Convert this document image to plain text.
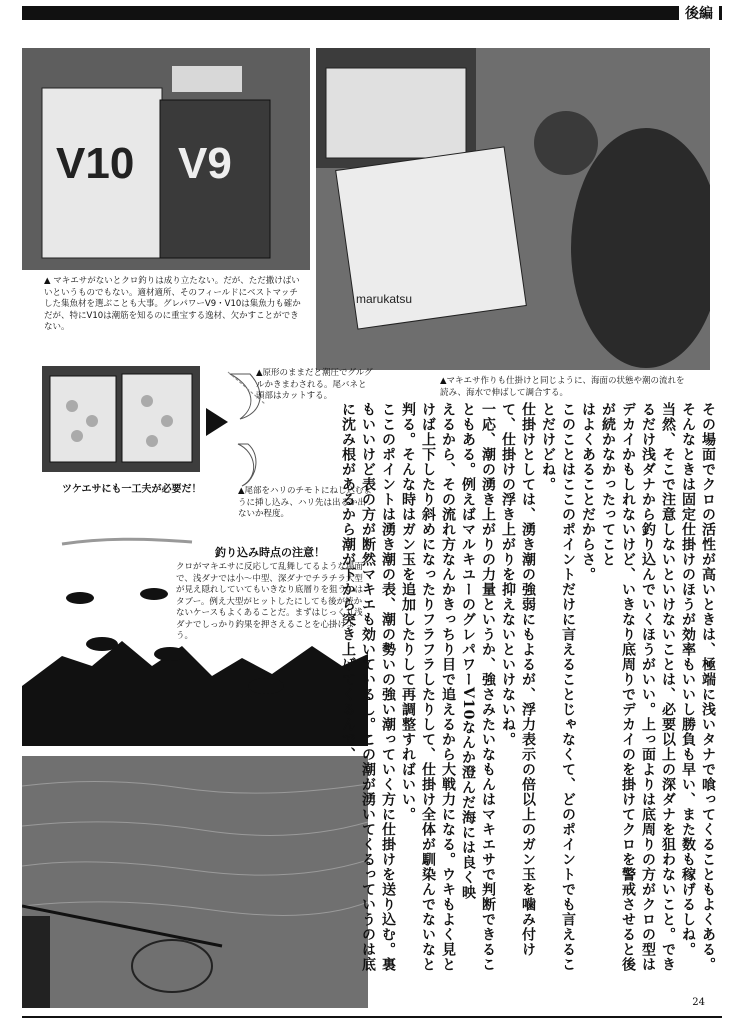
後編
V10 V9
▲ マキエサがないとクロ釣りは成り立たない。だが、ただ撒けばいいというものでもない。適材適所、そのフィールドにベストマッチした集魚材を選ぶことも大事。グレパワーV9・V10は集魚力も確かだが、特にV10は潮筋を知るのに重宝する逸材、欠かすことができない。
marukatsu
▲マキエサ作りも仕掛けと同じように、海面の状態や潮の流れを読み、海水で伸ばして調合する。
▲原形のままだと潮圧でグルグルかきまわされる。尾バネと頭部はカットする。
▲尾部をハリのチモトにねじ込むように挿し込み、ハリ先は出るか出ないか程度。
ツケエサにも一工夫が必要だ！
釣り込み時点の注意！
クロがマキエサに反応して乱舞してるような場面で、浅ダナでは小〜中型、深ダナでチラチラ大型が見え隠れしていてもいきなり底層りを狙うのはタブー。例え大型がヒットしたにしても後が続かないケースもよくあることだ。まずはじっくり浅ダナでしっかり釣果を押さえることを心掛けよう。	その場面でクロの活性が高いときは、極端に浅いタナで喰ってくることもよくある。そんなときは固定仕掛けのほうが効率もいいし勝負も早い、また数も稼げるしね。
当然、そこで注意しないといけないことは、必要以上の深ダナを狙わないこと。できるだけ浅ダナから釣り込んでいくほうがいい。上っ面よりは底周りの方がクロの型はデカイかもしれないけど、いきなり底周りでデカイのを掛けてクロを警戒させると後が続かなかったってこと
はよくあることだからさ。
このことはここのポイントだけに言えることじゃなくて、どのポイントでも言えることだけどね。
仕掛けとしては、湧き潮の強弱にもよるが、浮力表示の倍以上のガン玉を噛み付けて、仕掛けの浮き上がりを抑えないといけないね。
一応、潮の湧き上がりの力量というか、強さみたいなもんはマキエサで判断できることもある。例えばマルキユーのグレパワーV10なんか澄んだ海には良く映
えるから、その流れ方なんかきっちり目で追えるから大戦力になる。ウキもよく見とけば上下したり斜めになったりフラフラしたりして、仕掛け全体が馴染んでないなと判る。そんな時はガン玉を追加したりして再調整すればいい。
ここのポイントは湧き潮の表、潮の勢いの強い潮っていく方に仕掛けを送り込む。裏もいいけど表の方が断然マキエも効いているし。この潮が湧いてくるっていうのは底に沈み根があるから潮が下から突き上げてくるんで、
24
